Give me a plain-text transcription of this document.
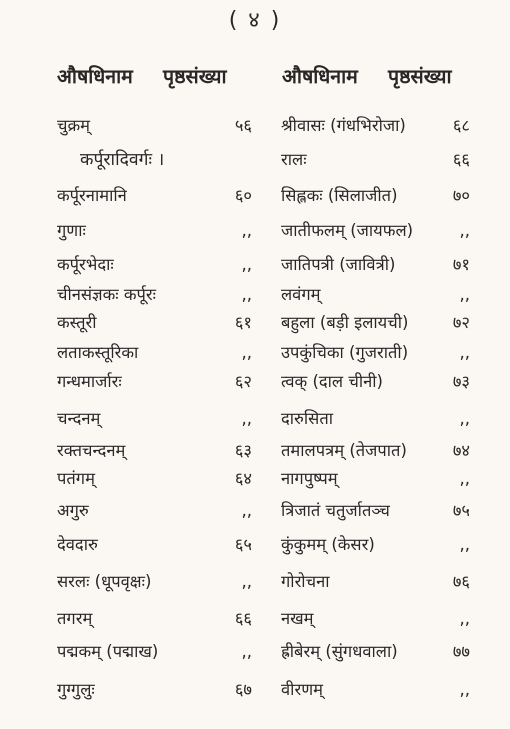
( ४ )
औषधिनाम पृष्ठसंख्या	औषधिनाम पृष्ठसंख्या
चुक्रम्	५६ श्रीवासः (गंधभिरोजा)	६८
कर्पूरादिवर्गः ।	रालः	६६
कर्पूरनामानि	६० सिह्लकः (सिलाजीत)	७०
गुणाः	,, जातीफलम् (जायफल)	,,
कर्पूरभेदाः	,, जातिपत्री (जावित्री)	७१
चीनसंज्ञकः कर्पूरः	,, लवंगम्	,,
कस्तूरी	६१ बहुला (बड़ी इलायची)	७२
लताकस्तूरिका	,, उपकुंचिका (गुजराती)	,,
गन्धमार्जारः	६२ त्वक् (दाल चीनी)	७३
चन्दनम्	,, दारुसिता	,,
रक्तचन्दनम्	६३ तमालपत्रम् (तेजपात)	७४
पतंगम्	६४ नागपुष्पम्	,,
अगुरु	,, त्रिजातं चतुर्जातञ्च	७५
देवदारु	६५ कुंकुमम् (केसर)	,,
सरलः (धूपवृक्षः)	,, गोरोचना	७६
तगरम्	६६ नखम्	,,
पद्मकम् (पद्माख)	,, ह्रीबेरम् (सुंगधवाला)	७७
गुग्गुलुः	६७ वीरणम्	,,
